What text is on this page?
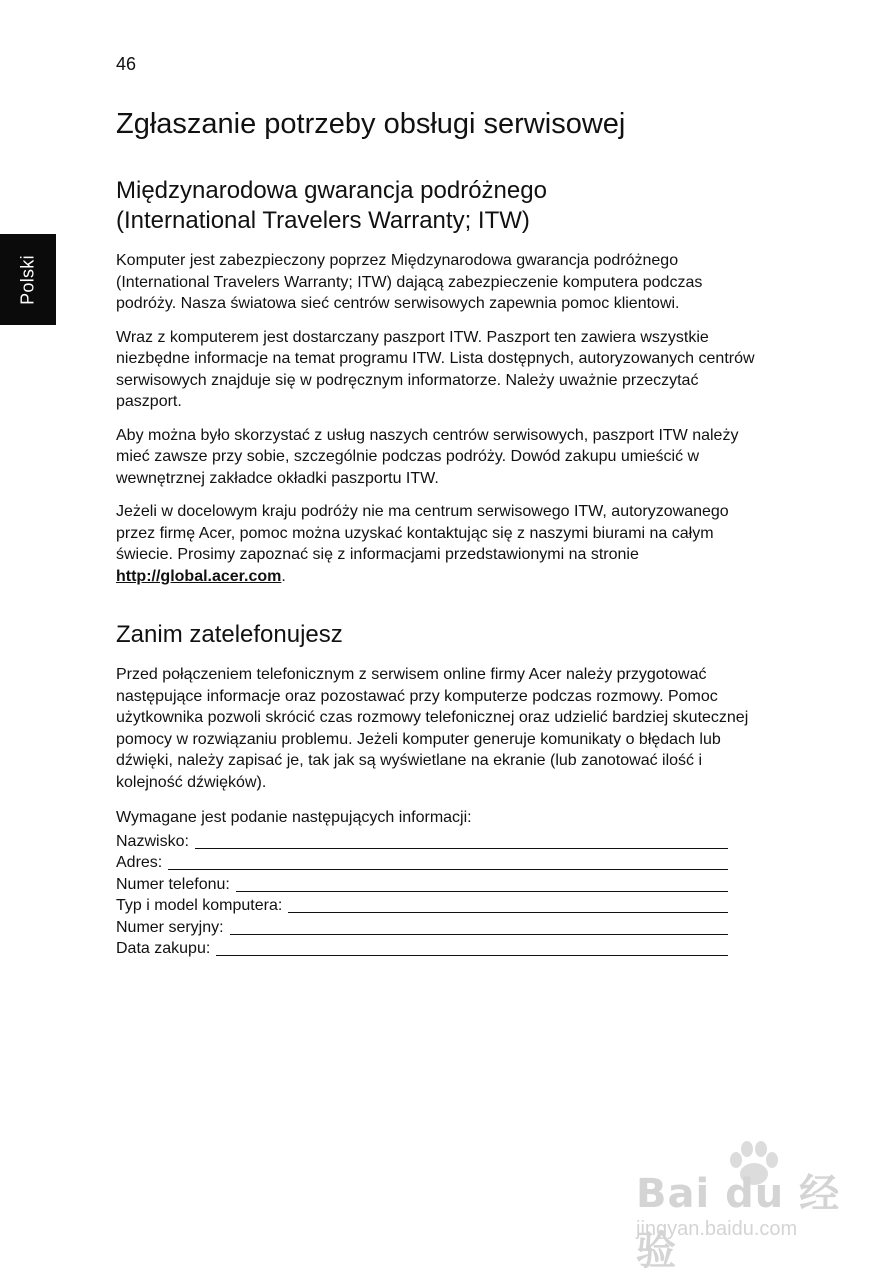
46
Polski
Zgłaszanie potrzeby obsługi serwisowej
Międzynarodowa gwarancja podróżnego
(International Travelers Warranty; ITW)

Komputer jest zabezpieczony poprzez Międzynarodowa gwarancja podróżnego (International Travelers Warranty; ITW) dającą zabezpieczenie komputera podczas podróży. Nasza światowa sieć centrów serwisowych zapewnia pomoc klientowi.

Wraz z komputerem jest dostarczany paszport ITW. Paszport ten zawiera wszystkie niezbędne informacje na temat programu ITW. Lista dostępnych, autoryzowanych centrów serwisowych znajduje się w podręcznym informatorze. Należy uważnie przeczytać paszport.

Aby można było skorzystać z usług naszych centrów serwisowych, paszport ITW należy mieć zawsze przy sobie, szczególnie podczas podróży. Dowód zakupu umieścić w wewnętrznej zakładce okładki paszportu ITW.

Jeżeli w docelowym kraju podróży nie ma centrum serwisowego ITW, autoryzowanego przez firmę Acer, pomoc można uzyskać kontaktując się z naszymi biurami na całym świecie. Prosimy zapoznać się z informacjami przedstawionymi na stronie http://global.acer.com.

Zanim zatelefonujesz

Przed połączeniem telefonicznym z serwisem online firmy Acer należy przygotować następujące informacje oraz pozostawać przy komputerze podczas rozmowy. Pomoc użytkownika pozwoli skrócić czas rozmowy telefonicznej oraz udzielić bardziej skutecznej pomocy w rozwiązaniu problemu. Jeżeli komputer generuje komunikaty o błędach lub dźwięki, należy zapisać je, tak jak są wyświetlane na ekranie (lub zanotować ilość i kolejność dźwięków).

Wymagane jest podanie następujących informacji:
Nazwisko:
Adres:
Numer telefonu:
Typ i model komputera:
Numer seryjny:
Data zakupu:
Bai du 经验
jingyan.baidu.com
